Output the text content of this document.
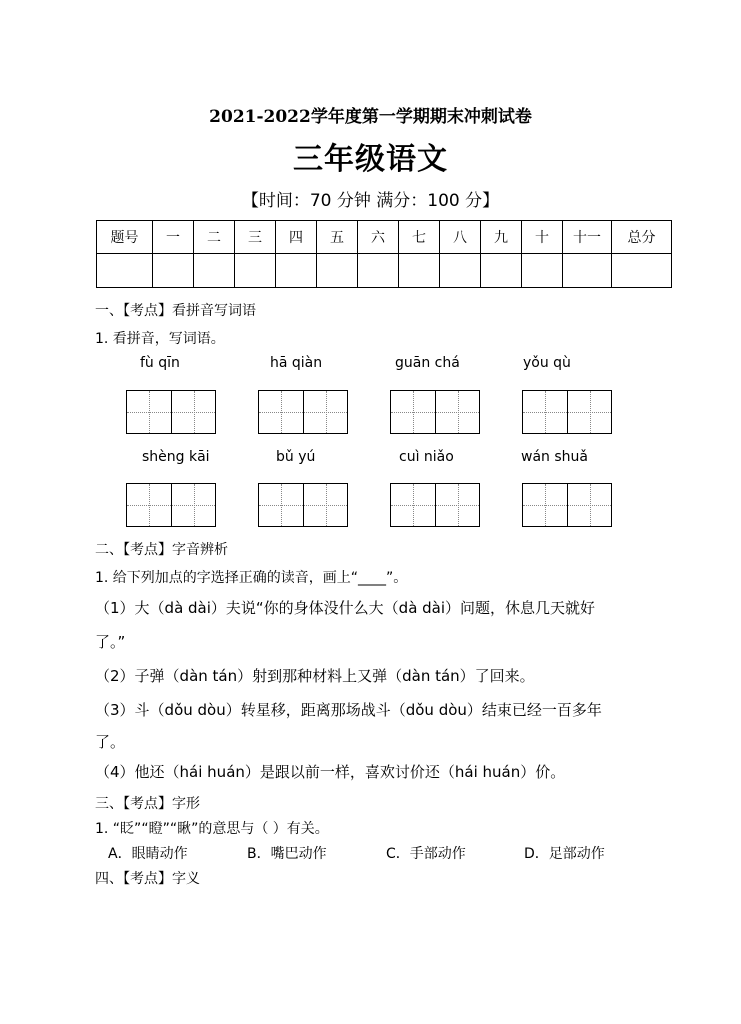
2021-2022学年度第一学期期末冲刺试卷
三年级语文
【时间：70 分钟 满分：100 分】
题号	一	二	三	四	五	六	七	八	九	十	十一	总分

一、【考点】看拼音写词语
1. 看拼音，写词语。
fù qīn	hā qiàn	guān chá	yǒu qù
shèng kāi	bǔ yú	cuì niǎo	wán shuǎ
二、【考点】字音辨析
1. 给下列加点的字选择正确的读音，画上“____”。
（1）大（dà dài）夫说“你的身体没什么大（dà dài）问题，休息几天就好
了。”
（2）子弹（dàn tán）射到那种材料上又弹（dàn tán）了回来。
（3）斗（dǒu dòu）转星移，距离那场战斗（dǒu dòu）结束已经一百多年
了。
（4）他还（hái huán）是跟以前一样，喜欢讨价还（hái huán）价。
三、【考点】字形
1. “眨”“瞪”“瞅”的意思与（ ）有关。
A．眼睛动作	B．嘴巴动作	C．手部动作	D．足部动作
四、【考点】字义
